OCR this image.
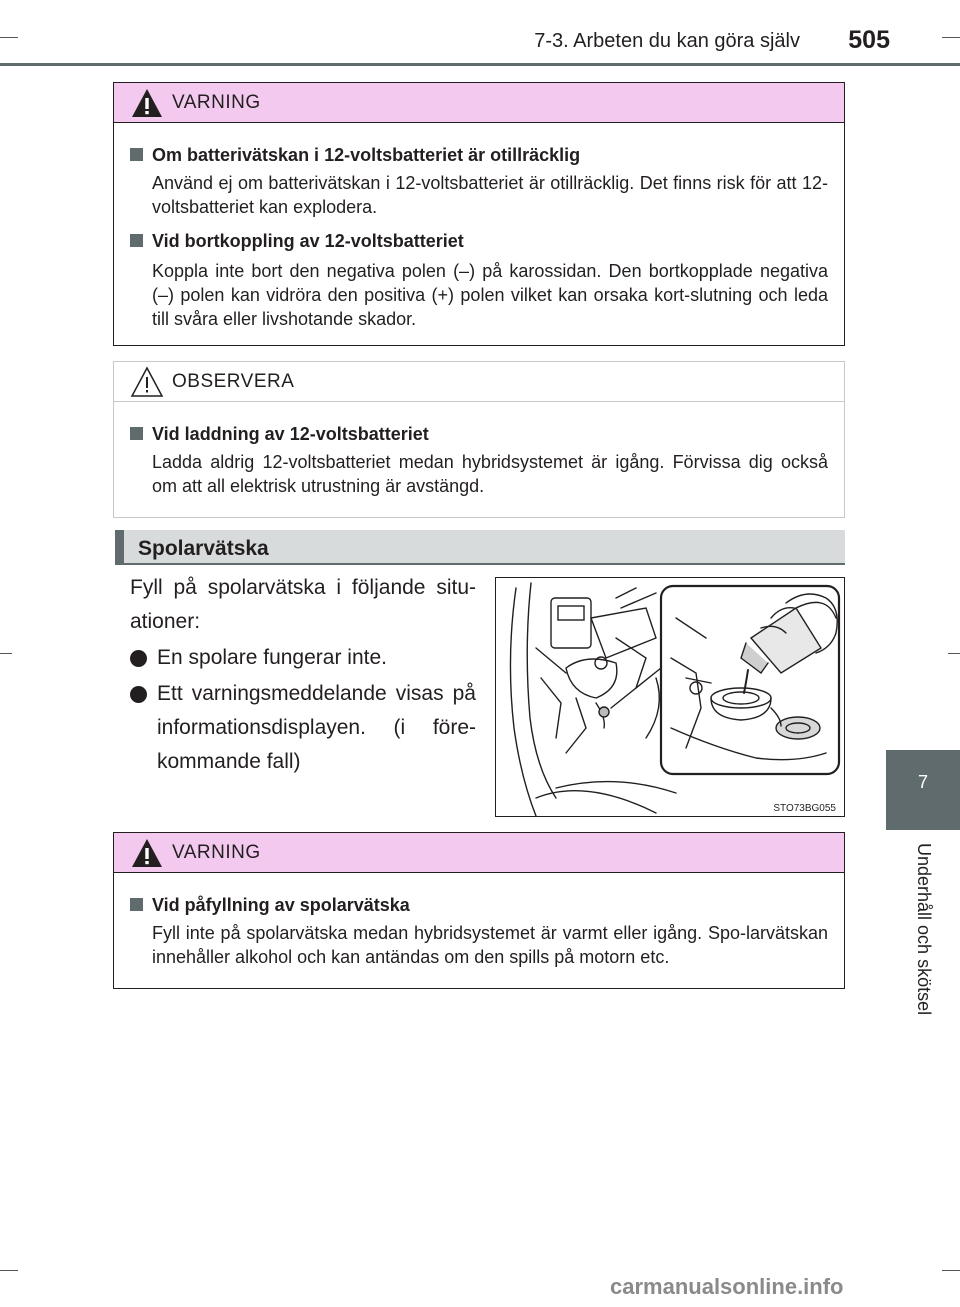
7-3. Arbeten du kan göra själv	505
7
Underhåll och skötsel
VARNING
Om batterivätskan i 12-voltsbatteriet är otillräcklig
Använd ej om batterivätskan i 12-voltsbatteriet är otillräcklig. Det finns risk för att 12-voltsbatteriet kan explodera.
Vid bortkoppling av 12-voltsbatteriet
Koppla inte bort den negativa polen (–) på karossidan. Den bortkopplade negativa (–) polen kan vidröra den positiva (+) polen vilket kan orsaka kort-slutning och leda till svåra eller livshotande skador.
OBSERVERA
Vid laddning av 12-voltsbatteriet
Ladda aldrig 12-voltsbatteriet medan hybridsystemet är igång. Förvissa dig också om att all elektrisk utrustning är avstängd.
Spolarvätska
Fyll på spolarvätska i följande situ-ationer:
En spolare fungerar inte.
Ett varningsmeddelande visas på informationsdisplayen. (i före-kommande fall)
STO73BG055
VARNING
Vid påfyllning av spolarvätska
Fyll inte på spolarvätska medan hybridsystemet är varmt eller igång. Spo-larvätskan innehåller alkohol och kan antändas om den spills på motorn etc.
carmanualsonline.info
